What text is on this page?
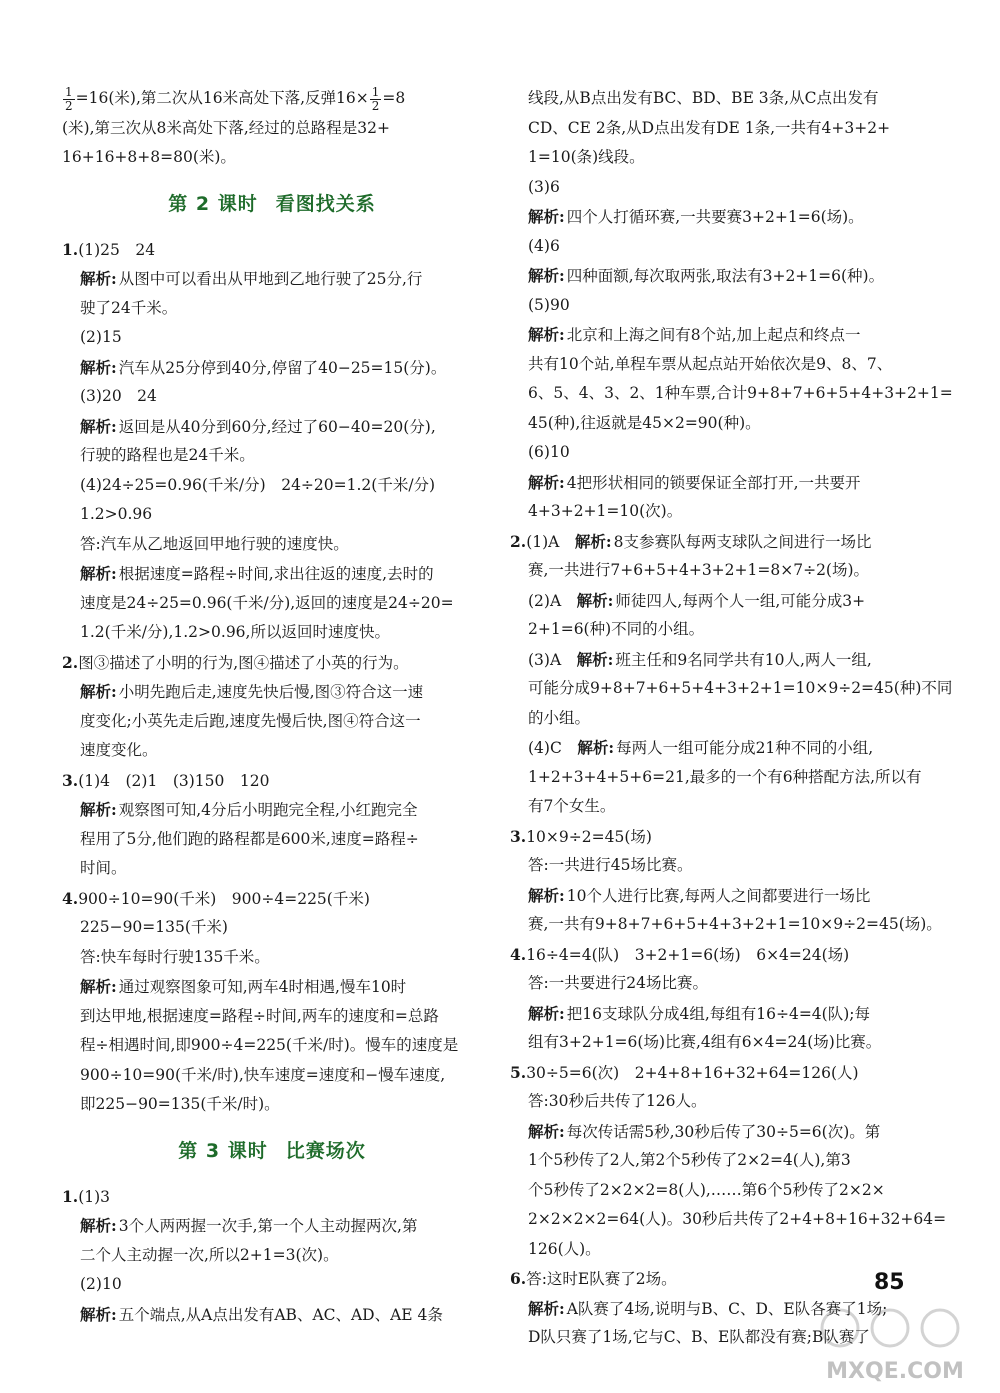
$\frac{1}{2} =16$(米),第二次从16米高处下落,反弹$16\times \frac{1}{2} =8$
(米),第三次从8米高处下落,经过的总路程是32+
16+16+8+8=80(米)。
第 2 课时 看图找关系
1.(1)25　24
解析: 从图中可以看出从甲地到乙地行驶了25分,行
驶了24千米。
(2)15
解析: 汽车从25分停到40分,停留了40−25=15(分)。
(3)20　24
解析: 返回是从40分到60分,经过了60−40=20(分),
行驶的路程也是24千米。
(4)24÷25=0.96(千米/分)　24÷20=1.2(千米/分)
1.2>0.96
答:汽车从乙地返回甲地行驶的速度快。
解析: 根据速度=路程÷时间,求出往返的速度,去时的
速度是24÷25=0.96(千米/分),返回的速度是24÷20=
1.2(千米/分),1.2>0.96,所以返回时速度快。
2.图③描述了小明的行为,图④描述了小英的行为。
解析: 小明先跑后走,速度先快后慢,图③符合这一速
度变化;小英先走后跑,速度先慢后快,图④符合这一
速度变化。
3.(1)4　(2)1　(3)150　120
解析: 观察图可知,4分后小明跑完全程,小红跑完全
程用了5分,他们跑的路程都是600米,速度=路程÷
时间。
4.900÷10=90(千米)　900÷4=225(千米)
225−90=135(千米)
答:快车每时行驶135千米。
解析: 通过观察图象可知,两车4时相遇,慢车10时
到达甲地,根据速度=路程÷时间,两车的速度和=总路
程÷相遇时间,即900÷4=225(千米/时)。慢车的速度是
900÷10=90(千米/时),快车速度=速度和−慢车速度,
即225−90=135(千米/时)。
第 3 课时 比赛场次
1.(1)3
解析: 3个人两两握一次手,第一个人主动握两次,第
二个人主动握一次,所以2+1=3(次)。
(2)10
解析: 五个端点,从A点出发有AB、AC、AD、AE 4条
线段,从B点出发有BC、BD、BE 3条,从C点出发有
CD、CE 2条,从D点出发有DE 1条,一共有4+3+2+
1=10(条)线段。
(3)6
解析: 四个人打循环赛,一共要赛3+2+1=6(场)。
(4)6
解析: 四种面额,每次取两张,取法有3+2+1=6(种)。
(5)90
解析: 北京和上海之间有8个站,加上起点和终点一
共有10个站,单程车票从起点站开始依次是9、8、7、
6、5、4、3、2、1种车票,合计9+8+7+6+5+4+3+2+1=
45(种),往返就是45×2=90(种)。
(6)10
解析: 4把形状相同的锁要保证全部打开,一共要开
4+3+2+1=10(次)。
2.(1)A　解析: 8支参赛队每两支球队之间进行一场比
赛,一共进行7+6+5+4+3+2+1=8×7÷2(场)。
(2)A　解析: 师徒四人,每两个人一组,可能分成3+
2+1=6(种)不同的小组。
(3)A　解析: 班主任和9名同学共有10人,两人一组,
可能分成9+8+7+6+5+4+3+2+1=10×9÷2=45(种)不同
的小组。
(4)C　解析: 每两人一组可能分成21种不同的小组,
1+2+3+4+5+6=21,最多的一个有6种搭配方法,所以有
有7个女生。
3.10×9÷2=45(场)
答:一共进行45场比赛。
解析: 10个人进行比赛,每两人之间都要进行一场比
赛,一共有9+8+7+6+5+4+3+2+1=10×9÷2=45(场)。
4.16÷4=4(队)　3+2+1=6(场)　6×4=24(场)
答:一共要进行24场比赛。
解析: 把16支球队分成4组,每组有16÷4=4(队);每
组有3+2+1=6(场)比赛,4组有6×4=24(场)比赛。
5.30÷5=6(次)　2+4+8+16+32+64=126(人)
答:30秒后共传了126人。
解析: 每次传话需5秒,30秒后传了30÷5=6(次)。第
1个5秒传了2人,第2个5秒传了2×2=4(人),第3
个5秒传了2×2×2=8(人),……第6个5秒传了2×2×
2×2×2×2=64(人)。30秒后共传了2+4+8+16+32+64=
126(人)。
6.答:这时E队赛了2场。
解析: A队赛了4场,说明与B、C、D、E队各赛了1场;
D队只赛了1场,它与C、B、E队都没有赛;B队赛了
85
MXQE.COM
